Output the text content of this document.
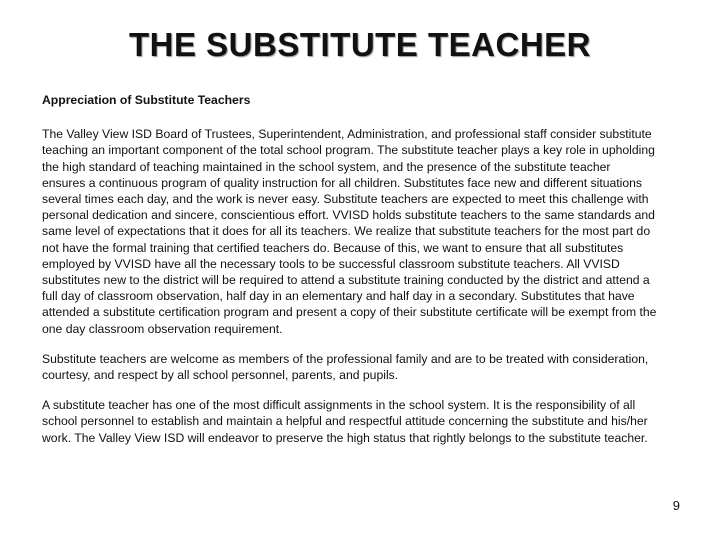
THE SUBSTITUTE TEACHER

Appreciation of Substitute Teachers

The Valley View ISD Board of Trustees, Superintendent, Administration, and professional staff consider substitute teaching an important component of the total school program. The substitute teacher plays a key role in upholding the high standard of teaching maintained in the school system, and the presence of the substitute teacher ensures a continuous program of quality instruction for all children. Substitutes face new and different situations several times each day, and the work is never easy. Substitute teachers are expected to meet this challenge with personal dedication and sincere, conscientious effort. VVISD holds substitute teachers to the same standards and same level of expectations that it does for all its teachers. We realize that substitute teachers for the most part do not have the formal training that certified teachers do. Because of this, we want to ensure that all substitutes employed by VVISD have all the necessary tools to be successful classroom substitute teachers. All VVISD substitutes new to the district will be required to attend a substitute training conducted by the district and attend a full day of classroom observation, half day in an elementary and half day in a secondary. Substitutes that have attended a substitute certification program and present a copy of their substitute certificate will be exempt from the one day classroom observation requirement.

Substitute teachers are welcome as members of the professional family and are to be treated with consideration, courtesy, and respect by all school personnel, parents, and pupils.

A substitute teacher has one of the most difficult assignments in the school system. It is the responsibility of all school personnel to establish and maintain a helpful and respectful attitude concerning the substitute and his/her work. The Valley View ISD will endeavor to preserve the high status that rightly belongs to the substitute teacher.

9
